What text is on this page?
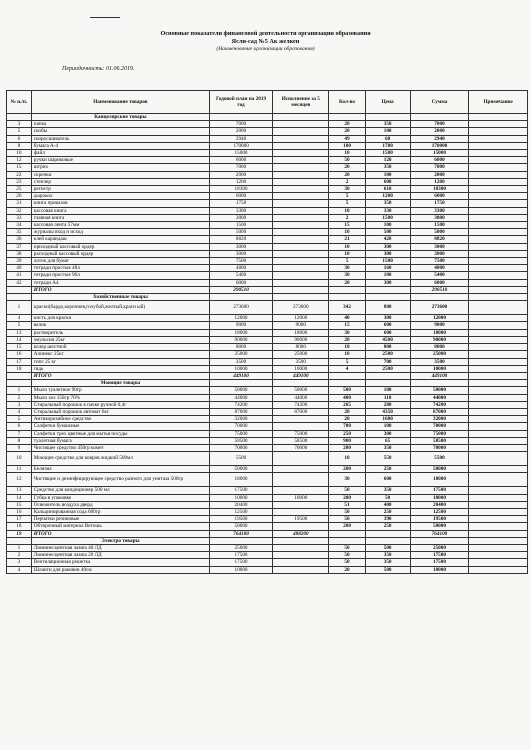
Основные показатели финансовой деятельности организации образования
Ясли-сад №5 Ак желкен
(Наименование организации образования)
Периодичность: 01.06.2019.
№ п./п.	Наименование товаров	Годовой план на 2019 год	Исполнение за 5 месяцев	Кол-во	Цена	Сумма	Примечание
	Канцелярские товары						
3	папка	7000		20	350	7000	
5	скобы	2000		20	100	2000	
6	скоросшиватель	2940		49	60	2940	
8	бумага А-4	170000		100	1700	170000	
10	файл	15000		10	1500	15000	
12	ручки шариковые	6000		50	120	6000	
15	штрих	7000		20	350	7000	
22	скрепки	2000		20	100	2000	
23	степлер	1200		2	600	1200	
25	регистр	18300		30	610	18300	
26	дырокол	6000		5	1200	6000	
31	книга приказов	1750		5	350	1750	
32	кассовая книга	3300		10	330	3300	
33	главная книга	3000		2	1500	3000	
34	кассовая лента 57мм	1500		15	100	1500	
35	журналы вход и исход	5000		10	500	5000	
36	клей карандаш	8820		21	420	8820	
37	приходный кассовый ордер	3000		10	300	3000	
38	расходный кассовый ордер	3000		10	300	3000	
39	лоток для бумаг	7500		5	1500	7500	
40	тетради простые 48л	4800		30	160	4800	
41	тетради простые 96л	5400		30	180	5400	
42	тетради А4	6000		20	300	6000	
	ИТОГО	290510				290510	
	Хозяйственные товары						
1	краски(бардо,коричнев,голубой,желтый,красн ый)	273600	273600	342	800	273600	
4	кисть для краски	12000	12000	40	300	12000	
5	валик	9000	9000	15	600	9000	
13	растворитель	18000	18000	30	600	18000	
14	эмульсия 25кг	90000	90000	20	4500	90000	
15	колер шестной	8000	8000	10	800	8000	
16	Алинекс 25кг	25000	25000	10	2500	25000	
17	гипс 25 кг	3500	3500	5	700	3500	
18	гвдь	10000	10000	4	2500	10000	
	ИТОГО	449100	449100			449100	
	Моющие товары						
1	Мыло туалетное 90гр	50000	50000	500	100	50000	
2	Мыло хоз 150гр 70%	44000	44000	400	110	44000	
3	Стиральный порошок в пачке ручной 0,4г	74200	74200	265	280	74200	
4	Стиральный порошок автомат 6кг	87000	87000	20	4350	87000	
5	Антикорозийное средство	32000		20	1600	32000	
6	Салфетки бумажные	70000		700	100	70000	
7	Салфетки трех цветные для мытья посуды	75000	75000	250	300	75000	
8	туалетная бумага	58500	58500	900	65	58500	
9	Чистящее средство 450гр комет	70000	70000	200	350	70000	
10	Моющие средство для ковров жидкий 500мл	5500		10	550	5500	
11	Белизна	50000		200	250	50000	
12	Чистящие и дезинфицирующее средство разного для унитаза 500гр	18000		30	600	18000	
13	Средство для кондиционер 500 мл	17500		50	350	17500	
14	Губка в упаковке	10000	10000	200	50	10000	
15	Освежитель воздуха дверд	20400		51	400	20400	
16	Кальцинированная сода 600гр	12500		50	250	12500	
17	Перчатки резиновые	19500	19500	50	390	19500	
18	Обтирочный материал Ветошь	50000		200	250	50000	
19	ИТОГО	764100	488200			764100	
	Электро товары						
1	Люминесцентная лампа 40 ЛД	25000		50	500	25000	
2	Люминесцентная лампа 20 ЛД	17500		50	350	17500	
3	Вентиляционная решетка	17500		50	350	17500	
4	Шланги для раковин 40см	10000		20	500	10000	
